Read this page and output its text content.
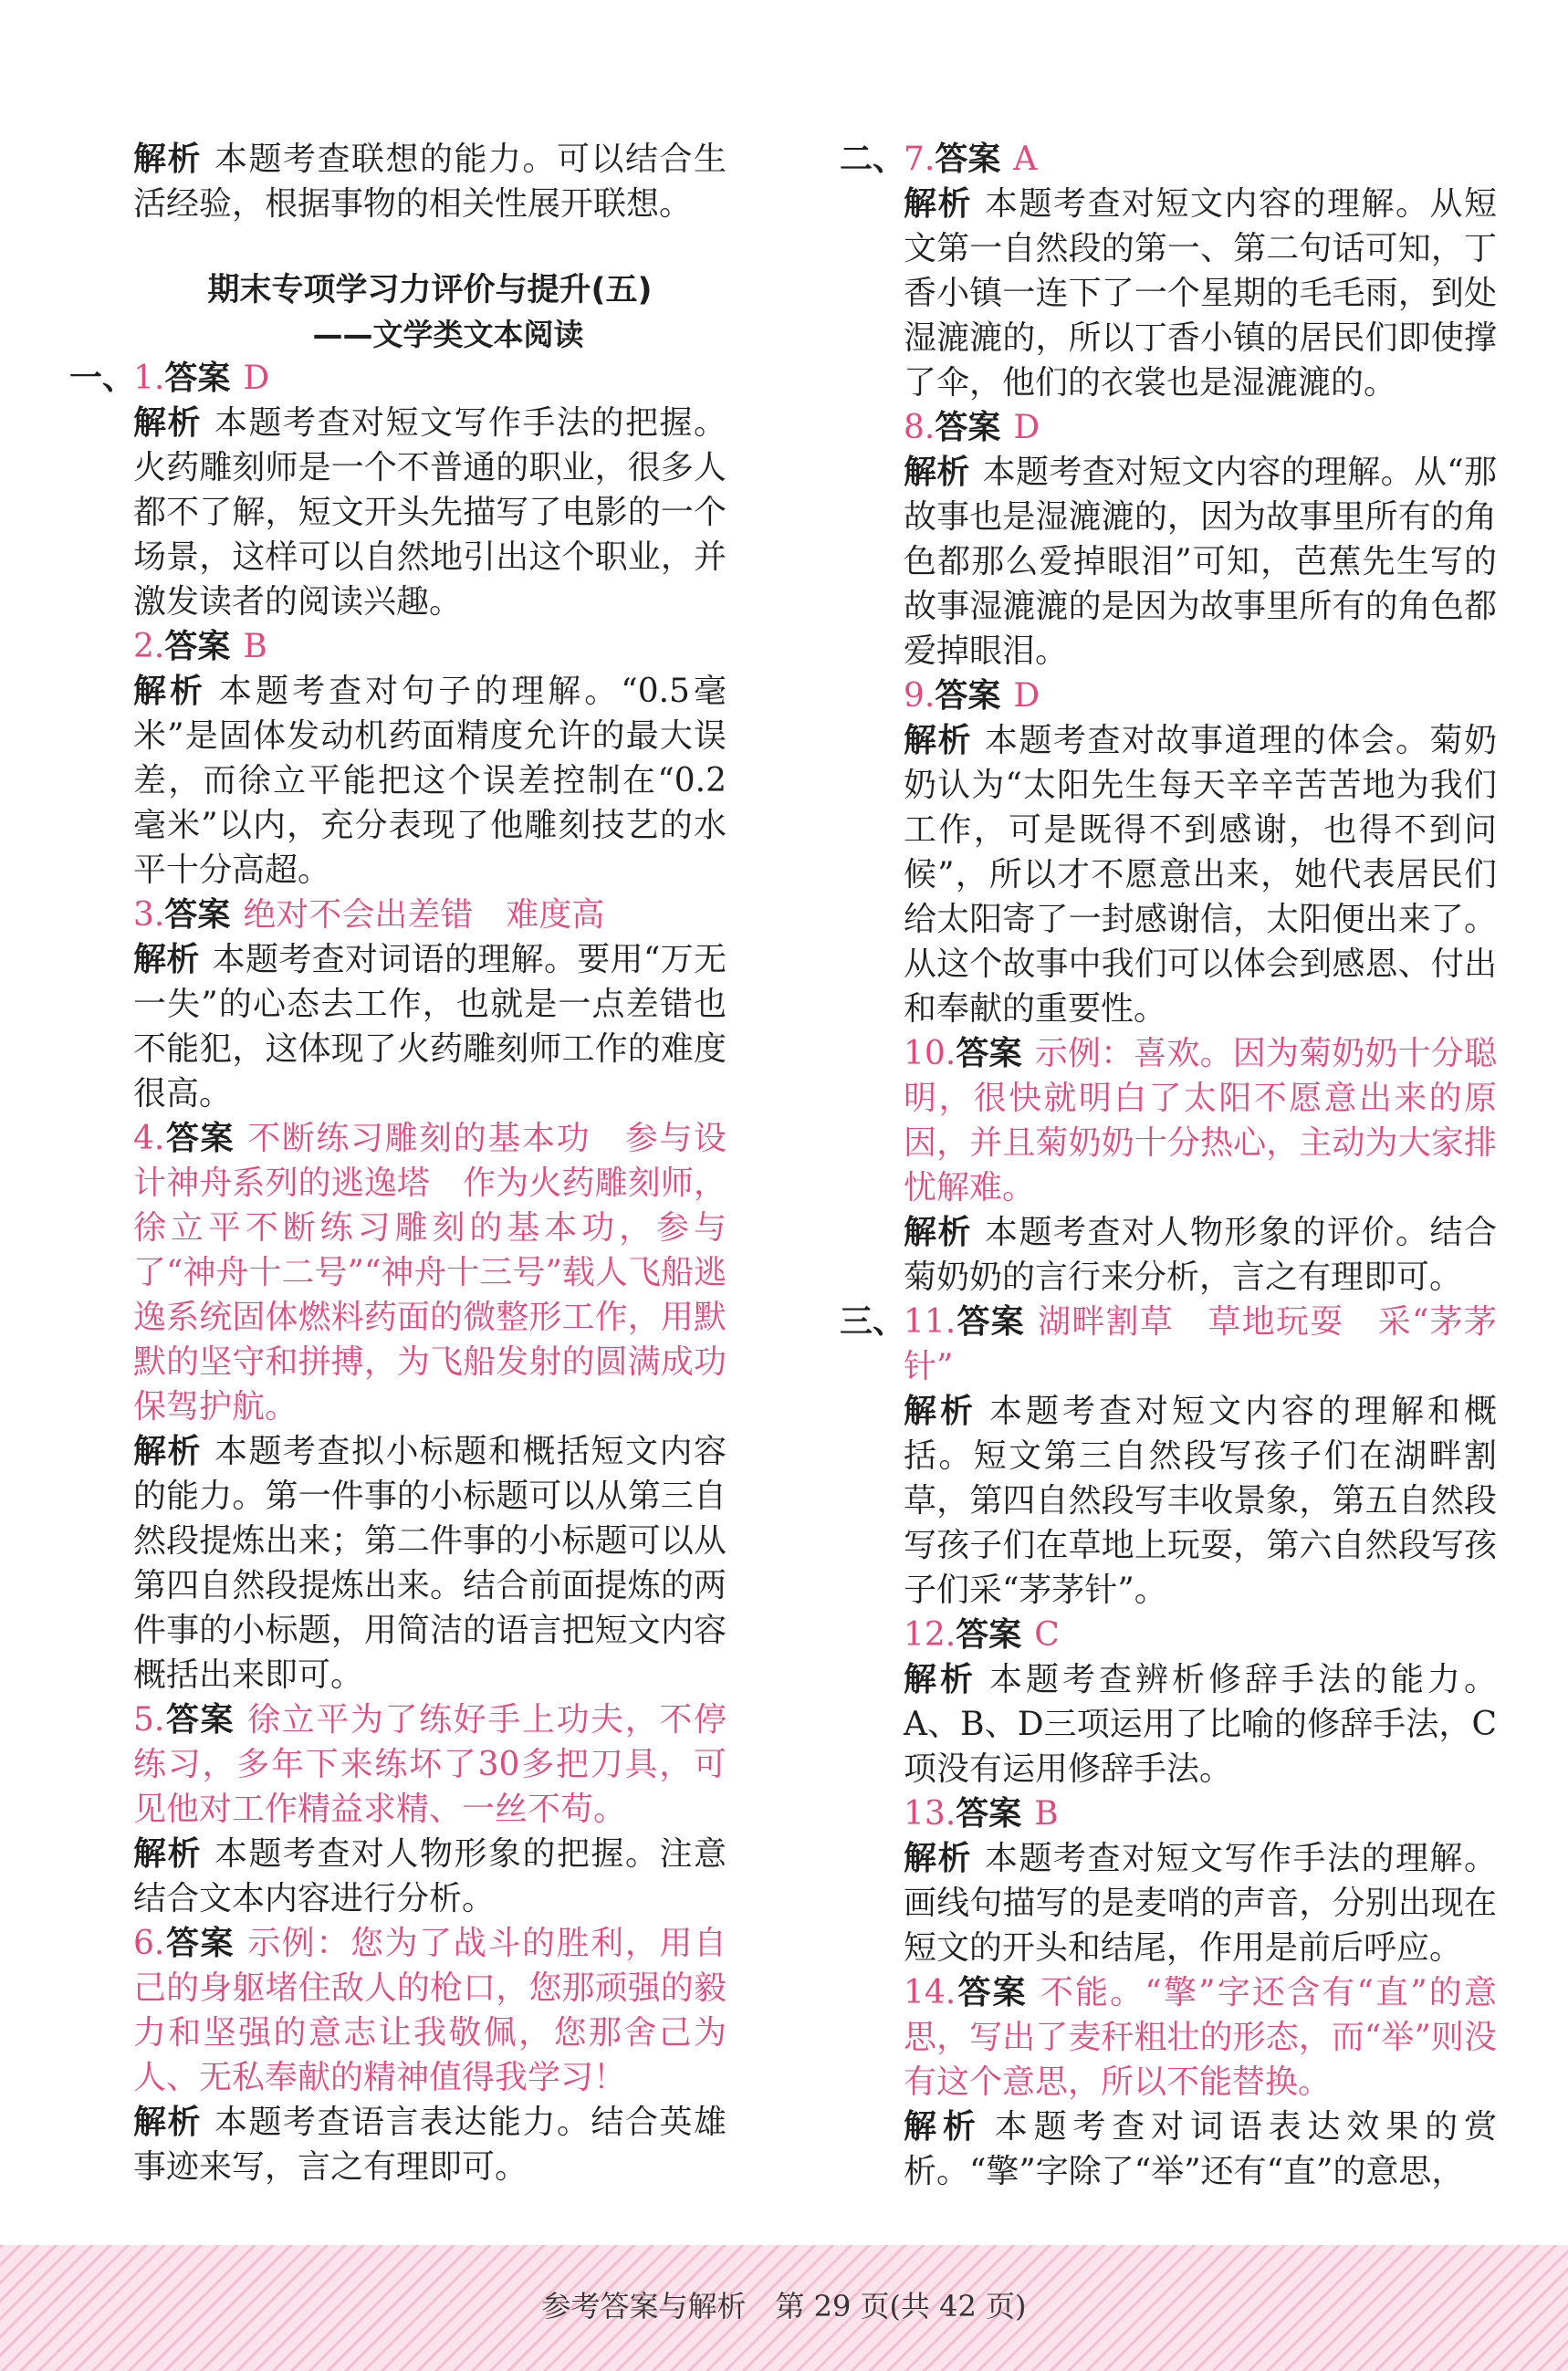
解析 本题考查联想的能力。可以结合生活经验，根据事物的相关性展开联想。

期末专项学习力评价与提升(五)
——文学类文本阅读
一、

1.答案 D

解析 本题考查对短文写作手法的把握。火药雕刻师是一个不普通的职业，很多人都不了解，短文开头先描写了电影的一个场景，这样可以自然地引出这个职业，并激发读者的阅读兴趣。

2.答案 B

解析 本题考查对句子的理解。“0.5毫米”是固体发动机药面精度允许的最大误差，而徐立平能把这个误差控制在“0.2毫米”以内，充分表现了他雕刻技艺的水平十分高超。

3.答案 绝对不会出差错　难度高

解析 本题考查对词语的理解。要用“万无一失”的心态去工作，也就是一点差错也不能犯，这体现了火药雕刻师工作的难度很高。

4.答案 不断练习雕刻的基本功　参与设计神舟系列的逃逸塔　作为火药雕刻师，徐立平不断练习雕刻的基本功，参与了“神舟十二号”“神舟十三号”载人飞船逃逸系统固体燃料药面的微整形工作，用默默的坚守和拼搏，为飞船发射的圆满成功保驾护航。

解析 本题考查拟小标题和概括短文内容的能力。第一件事的小标题可以从第三自然段提炼出来；第二件事的小标题可以从第四自然段提炼出来。结合前面提炼的两件事的小标题，用简洁的语言把短文内容概括出来即可。

5.答案 徐立平为了练好手上功夫，不停练习，多年下来练坏了30多把刀具，可见他对工作精益求精、一丝不苟。

解析 本题考查对人物形象的把握。注意结合文本内容进行分析。

6.答案 示例：您为了战斗的胜利，用自己的身躯堵住敌人的枪口，您那顽强的毅力和坚强的意志让我敬佩，您那舍己为人、无私奉献的精神值得我学习！

解析 本题考查语言表达能力。结合英雄事迹来写，言之有理即可。

二、

7.答案 A

解析 本题考查对短文内容的理解。从短文第一自然段的第一、第二句话可知，丁香小镇一连下了一个星期的毛毛雨，到处湿漉漉的，所以丁香小镇的居民们即使撑了伞，他们的衣裳也是湿漉漉的。

8.答案 D

解析 本题考查对短文内容的理解。从“那故事也是湿漉漉的，因为故事里所有的角色都那么爱掉眼泪”可知，芭蕉先生写的故事湿漉漉的是因为故事里所有的角色都爱掉眼泪。

9.答案 D

解析 本题考查对故事道理的体会。菊奶奶认为“太阳先生每天辛辛苦苦地为我们工作，可是既得不到感谢，也得不到问候”，所以才不愿意出来，她代表居民们给太阳寄了一封感谢信，太阳便出来了。从这个故事中我们可以体会到感恩、付出和奉献的重要性。

10.答案 示例：喜欢。因为菊奶奶十分聪明，很快就明白了太阳不愿意出来的原因，并且菊奶奶十分热心，主动为大家排忧解难。

解析 本题考查对人物形象的评价。结合菊奶奶的言行来分析，言之有理即可。

三、

11.答案 湖畔割草　草地玩耍　采“茅茅针”

解析 本题考查对短文内容的理解和概括。短文第三自然段写孩子们在湖畔割草，第四自然段写丰收景象，第五自然段写孩子们在草地上玩耍，第六自然段写孩子们采“茅茅针”。

12.答案 C

解析 本题考查辨析修辞手法的能力。A、B、D三项运用了比喻的修辞手法，C项没有运用修辞手法。

13.答案 B

解析 本题考查对短文写作手法的理解。画线句描写的是麦哨的声音，分别出现在短文的开头和结尾，作用是前后呼应。

14.答案 不能。“擎”字还含有“直”的意思，写出了麦秆粗壮的形态，而“举”则没有这个意思，所以不能替换。

解析 本题考查对词语表达效果的赏析。“擎”字除了“举”还有“直”的意思，

参考答案与解析　第 29 页(共 42 页)
